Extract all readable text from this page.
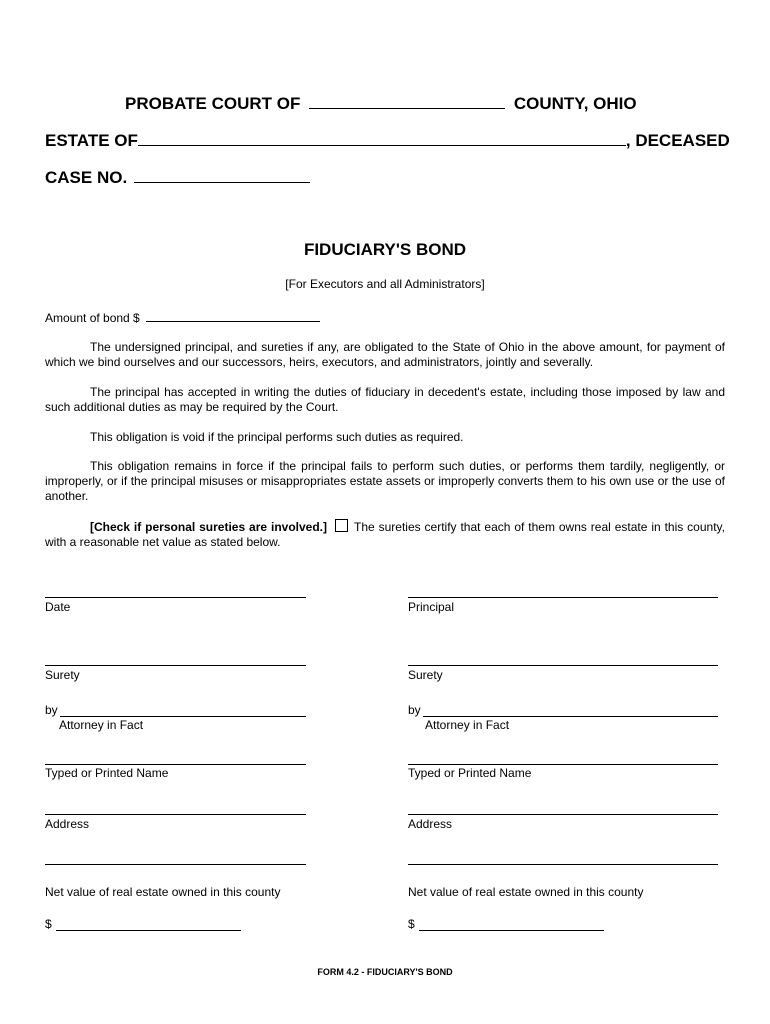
PROBATE COURT OF	COUNTY, OHIO
ESTATE OF	, DECEASED
CASE NO.
FIDUCIARY'S BOND
[For Executors and all Administrators]
Amount of bond $
The undersigned principal, and sureties if any, are obligated to the State of Ohio in the above amount, for payment of which we bind ourselves and our successors, heirs, executors, and administrators, jointly and severally.
The principal has accepted in writing the duties of fiduciary in decedent's estate, including those imposed by law and such additional duties as may be required by the Court.
This obligation is void if the principal performs such duties as required.
This obligation remains in force if the principal fails to perform such duties, or performs them tardily, negligently, or improperly, or if the principal misuses or misappropriates estate assets or improperly converts them to his own use or the use of another.
[Check if personal sureties are involved.] The sureties certify that each of them owns real estate in this county, with a reasonable net value as stated below.
Date
Surety
by
Attorney in Fact
Typed or Printed Name
Address
Net value of real estate owned in this county
$
Principal
Surety
by
Attorney in Fact
Typed or Printed Name
Address
Net value of real estate owned in this county
$
FORM 4.2 - FIDUCIARY'S BOND
